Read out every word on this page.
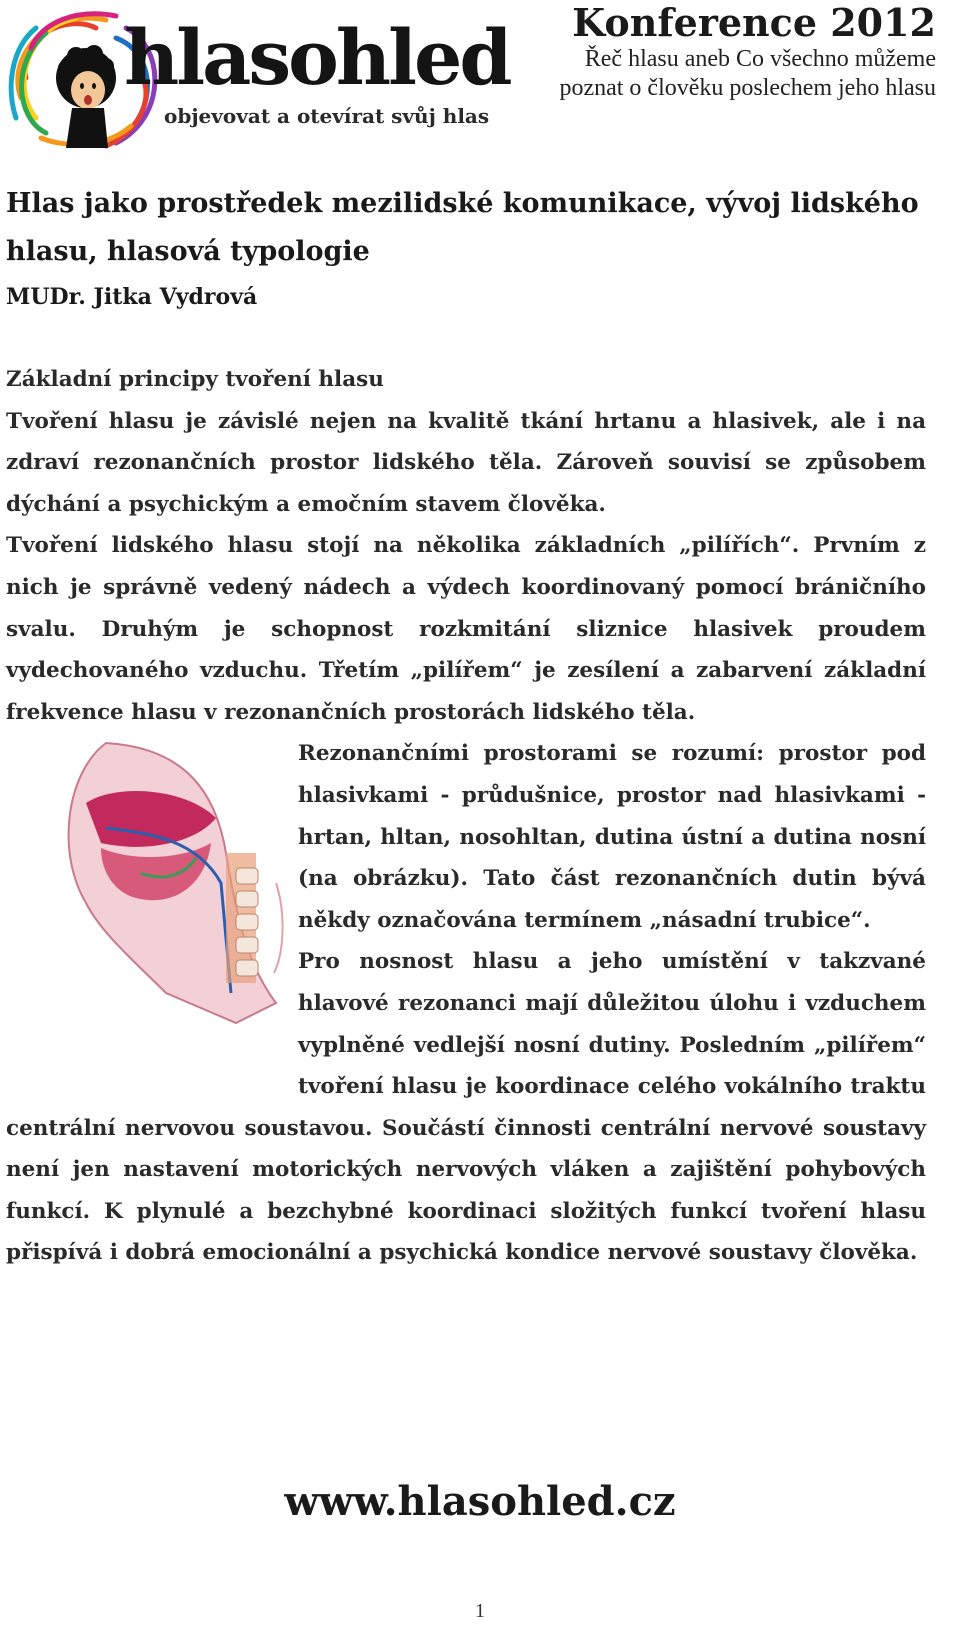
hlasohled
objevovat a otevírat svůj hlas
Konference 2012
Řeč hlasu aneb Co všechno můžeme poznat o člověku poslechem jeho hlasu
Hlas jako prostředek mezilidské komunikace, vývoj lidského hlasu, hlasová typologie
MUDr. Jitka Vydrová

Základní principy tvoření hlasu

Tvoření hlasu je závislé nejen na kvalitě tkání hrtanu a hlasivek, ale i na zdraví rezonančních prostor lidského těla. Zároveň souvisí se způsobem dýchání a psychickým a emočním stavem člověka.

Tvoření lidského hlasu stojí na několika základních „pilířích“. Prvním z nich je správně vedený nádech a výdech koordinovaný pomocí bráničního svalu. Druhým je schopnost rozkmitání sliznice hlasivek proudem vydechovaného vzduchu. Třetím „pilířem“ je zesílení a zabarvení základní frekvence hlasu v rezonančních prostorách lidského těla.

Rezonančními prostorami se rozumí: prostor pod hlasivkami - průdušnice, prostor nad hlasivkami - hrtan, hltan, nosohltan, dutina ústní a dutina nosní (na obrázku). Tato část rezonančních dutin bývá někdy označována termínem „násadní trubice“.

Pro nosnost hlasu a jeho umístění v takzvané hlavové rezonanci mají důležitou úlohu i vzduchem vyplněné vedlejší nosní dutiny. Posledním „pilířem“ tvoření hlasu je koordinace celého vokálního traktu centrální nervovou soustavou. Součástí činnosti centrální nervové soustavy není jen nastavení motorických nervových vláken a zajištění pohybových funkcí. K plynulé a bezchybné koordinaci složitých funkcí tvoření hlasu přispívá i dobrá emocionální a psychická kondice nervové soustavy člověka.

www.hlasohled.cz
1
